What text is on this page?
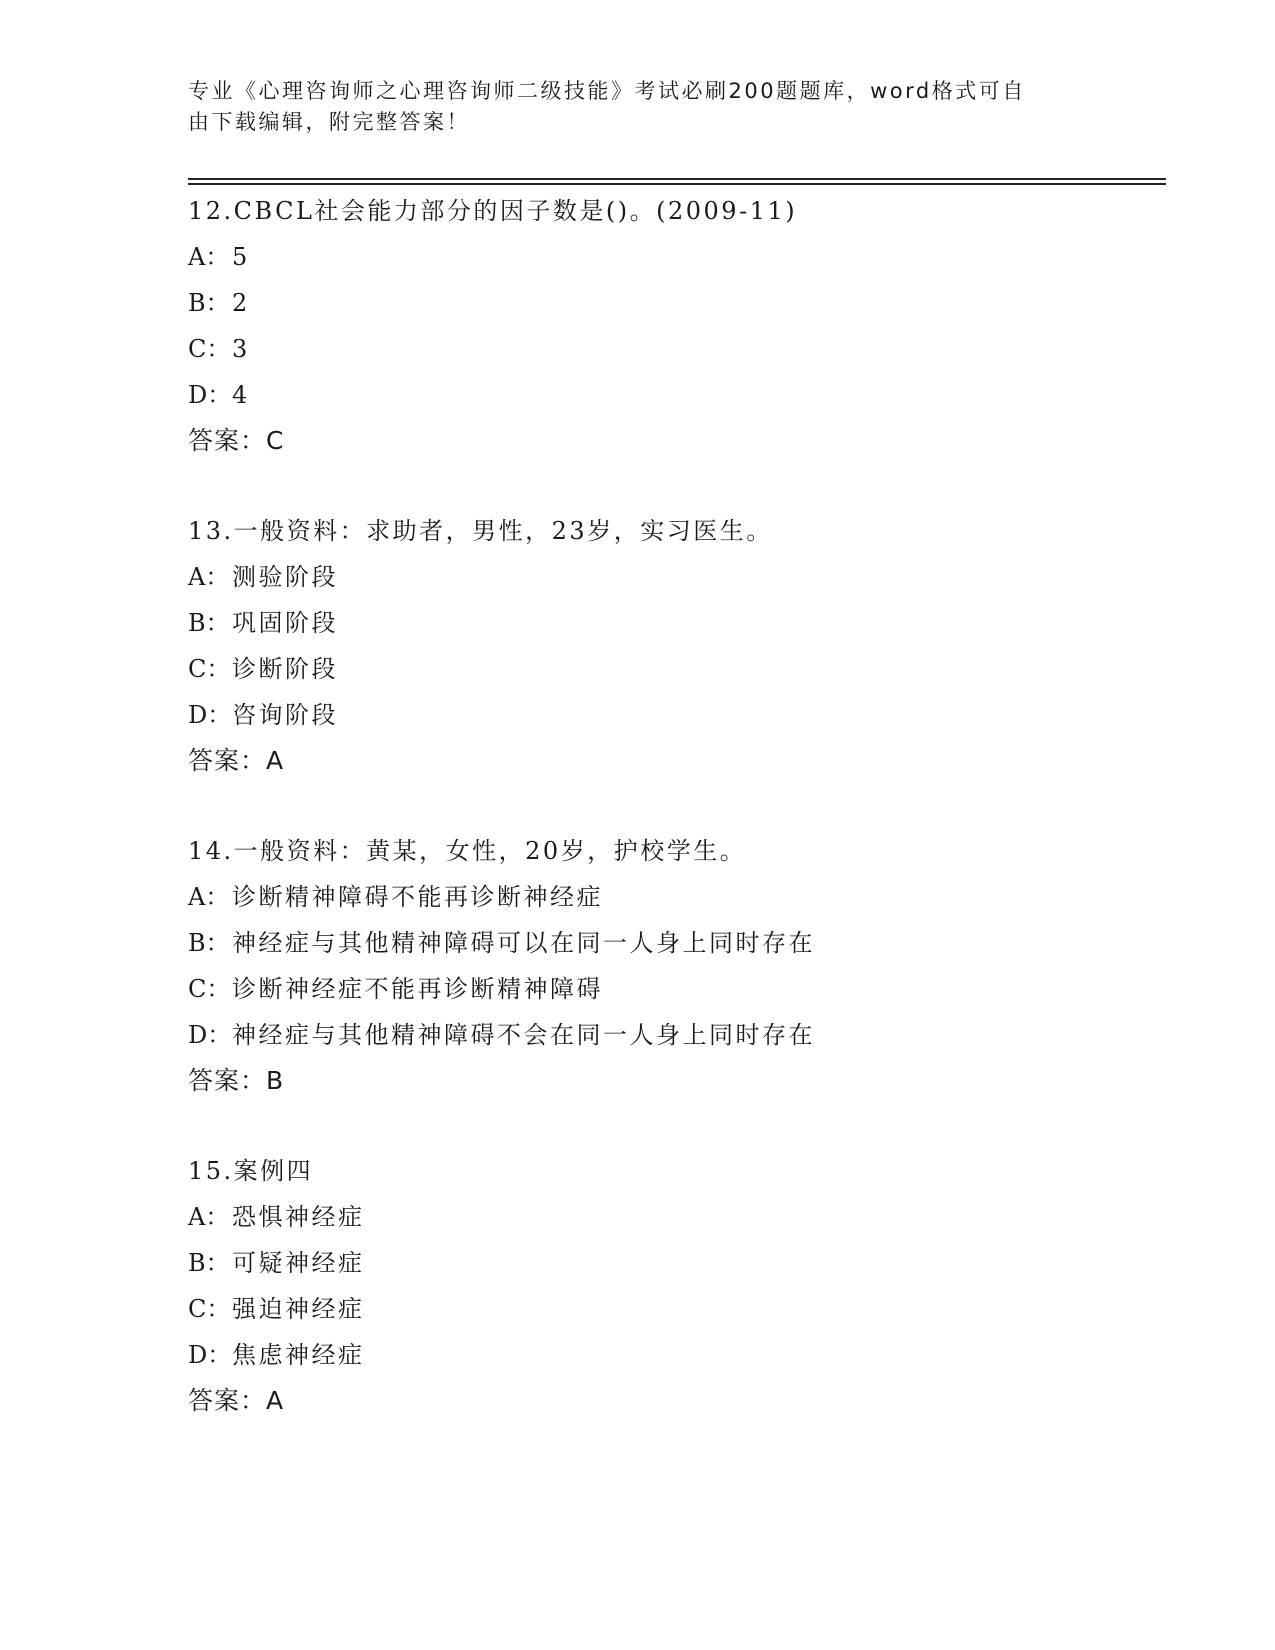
专业《心理咨询师之心理咨询师二级技能》考试必刷200题题库，word格式可自
由下载编辑，附完整答案！
12.CBCL社会能力部分的因子数是()。(2009-11)
A： 5
B：2
C：3
D：4
答案：C
13.一般资料：求助者，男性，23岁，实习医生。
A： 测验阶段
B：巩固阶段
C：诊断阶段
D：咨询阶段
答案：A
14.一般资料：黄某，女性，20岁，护校学生。
A： 诊断精神障碍不能再诊断神经症
B：神经症与其他精神障碍可以在同一人身上同时存在
C：诊断神经症不能再诊断精神障碍
D：神经症与其他精神障碍不会在同一人身上同时存在
答案：B
15.案例四
A： 恐惧神经症
B：可疑神经症
C：强迫神经症
D：焦虑神经症
答案：A
